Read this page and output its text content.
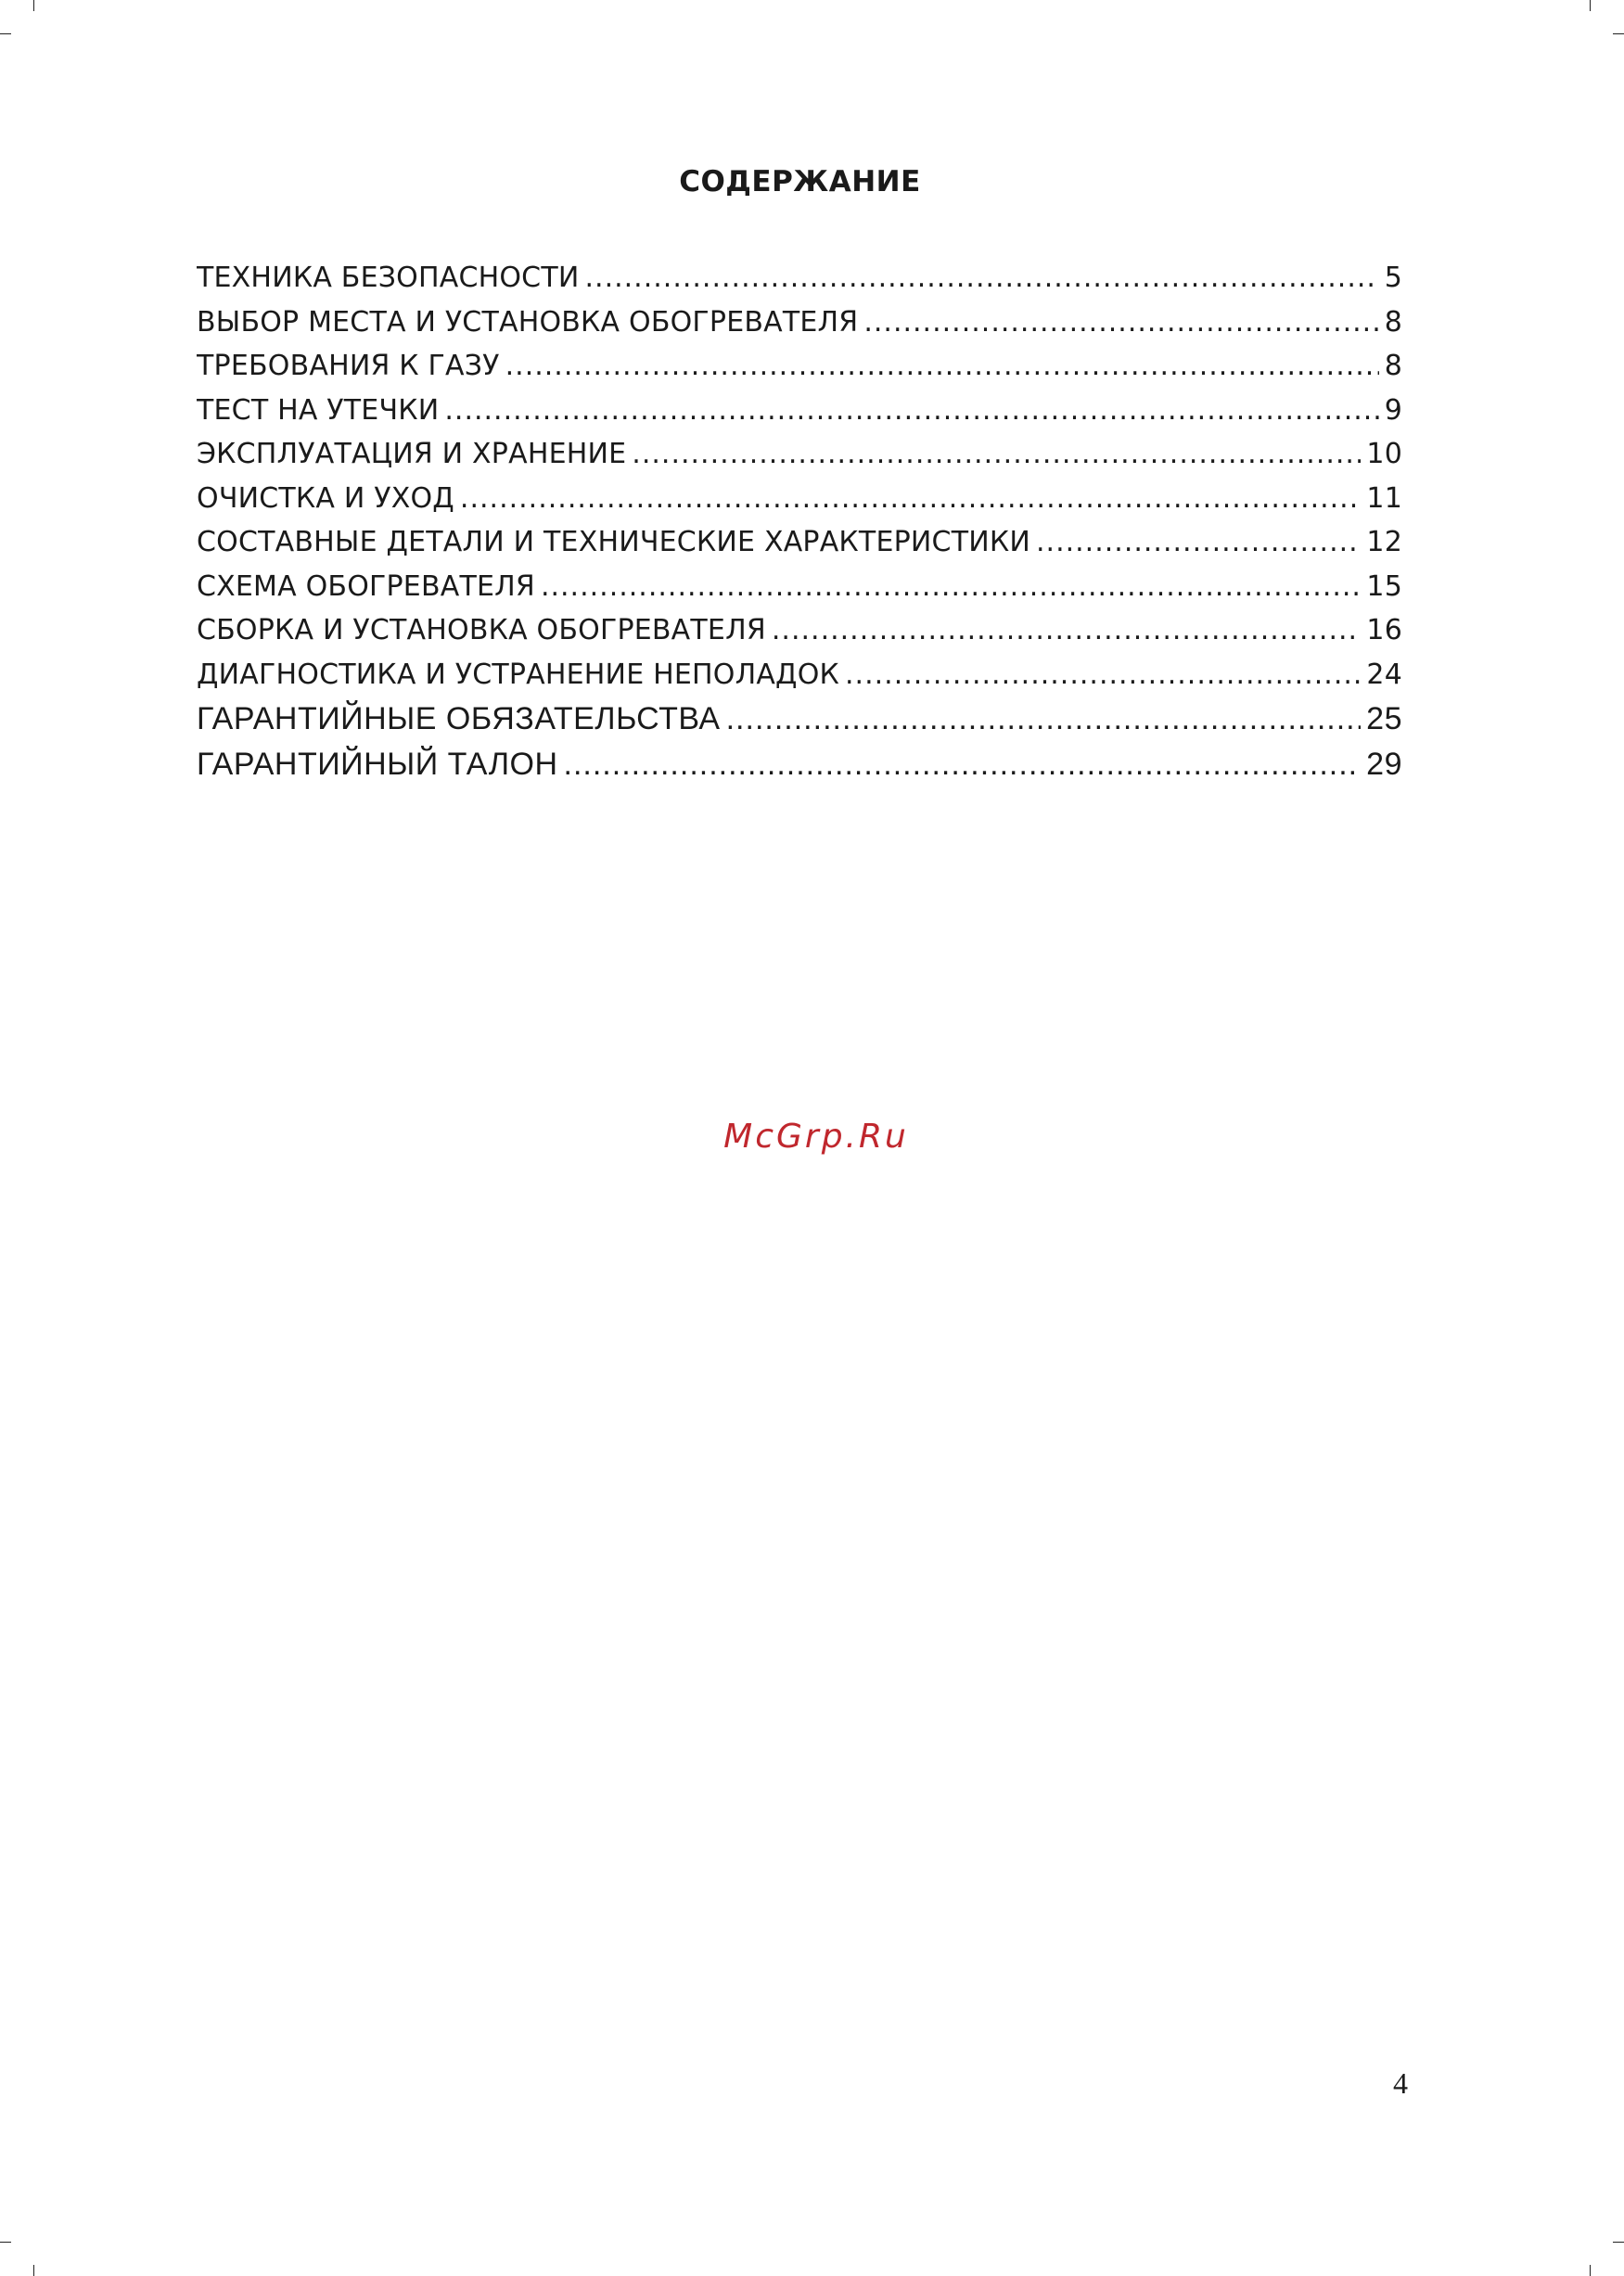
СОДЕРЖАНИЕ
ТЕХНИКА БЕЗОПАСНОСТИ .....	5
ВЫБОР МЕСТА И УСТАНОВКА ОБОГРЕВАТЕЛЯ .....	8
ТРЕБОВАНИЯ К ГАЗУ .....	8
ТЕСТ НА УТЕЧКИ .....	9
ЭКСПЛУАТАЦИЯ И ХРАНЕНИЕ .....	10
ОЧИСТКА И УХОД .....	11
СОСТАВНЫЕ ДЕТАЛИ И ТЕХНИЧЕСКИЕ ХАРАКТЕРИСТИКИ .....	12
СХЕМА ОБОГРЕВАТЕЛЯ .....	15
СБОРКА И УСТАНОВКА ОБОГРЕВАТЕЛЯ .....	16
ДИАГНОСТИКА И УСТРАНЕНИЕ НЕПОЛАДОК .....	24
ГАРАНТИЙНЫЕ ОБЯЗАТЕЛЬСТВА .....	25
ГАРАНТИЙНЫЙ ТАЛОН .....	29
McGrp.Ru
4
